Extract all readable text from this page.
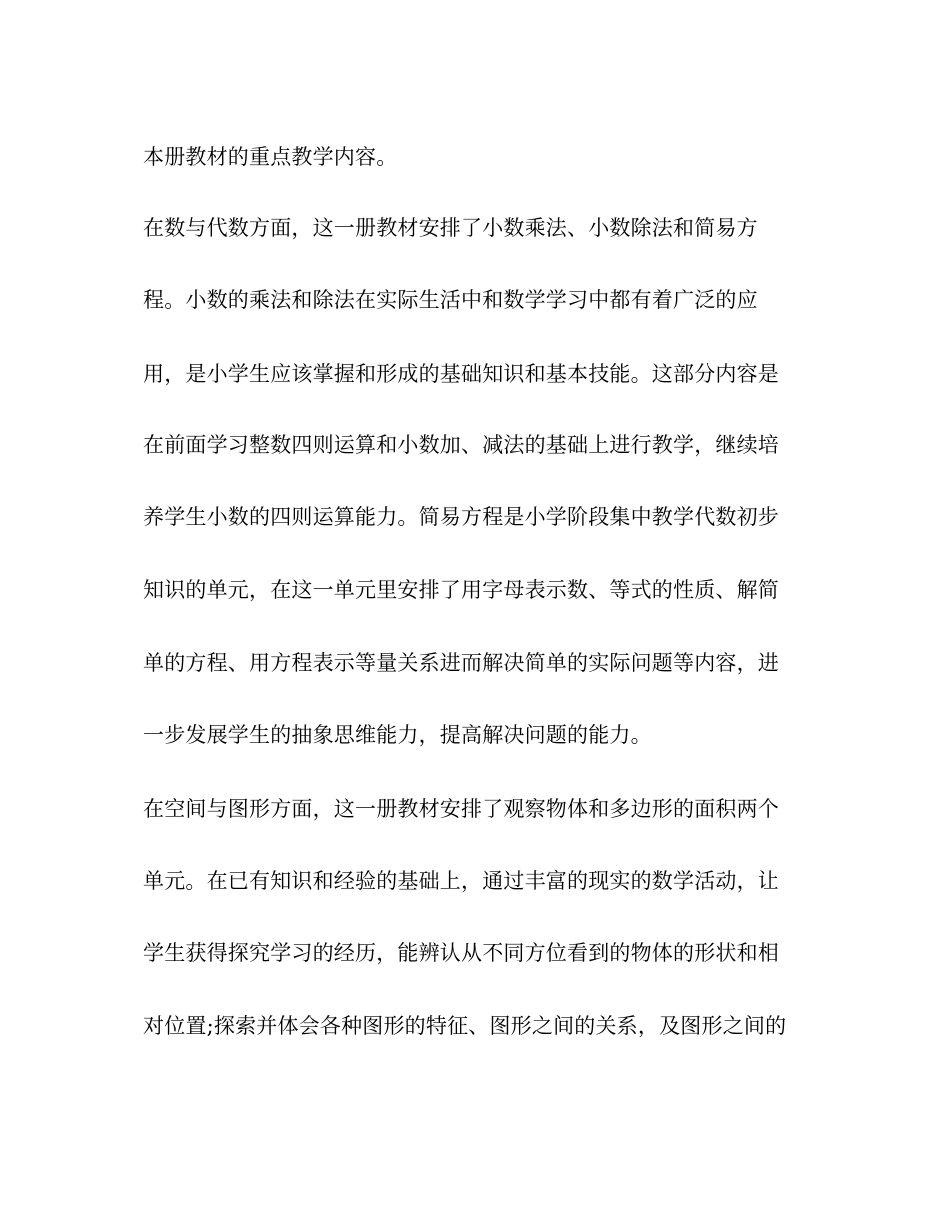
本册教材的重点教学内容。

在数与代数方面，这一册教材安排了小数乘法、小数除法和简易方

程。小数的乘法和除法在实际生活中和数学学习中都有着广泛的应

用，是小学生应该掌握和形成的基础知识和基本技能。这部分内容是

在前面学习整数四则运算和小数加、减法的基础上进行教学，继续培

养学生小数的四则运算能力。简易方程是小学阶段集中教学代数初步

知识的单元，在这一单元里安排了用字母表示数、等式的性质、解简

单的方程、用方程表示等量关系进而解决简单的实际问题等内容，进

一步发展学生的抽象思维能力，提高解决问题的能力。

在空间与图形方面，这一册教材安排了观察物体和多边形的面积两个

单元。在已有知识和经验的基础上，通过丰富的现实的数学活动，让

学生获得探究学习的经历，能辨认从不同方位看到的物体的形状和相

对位置;探索并体会各种图形的特征、图形之间的关系，及图形之间的
